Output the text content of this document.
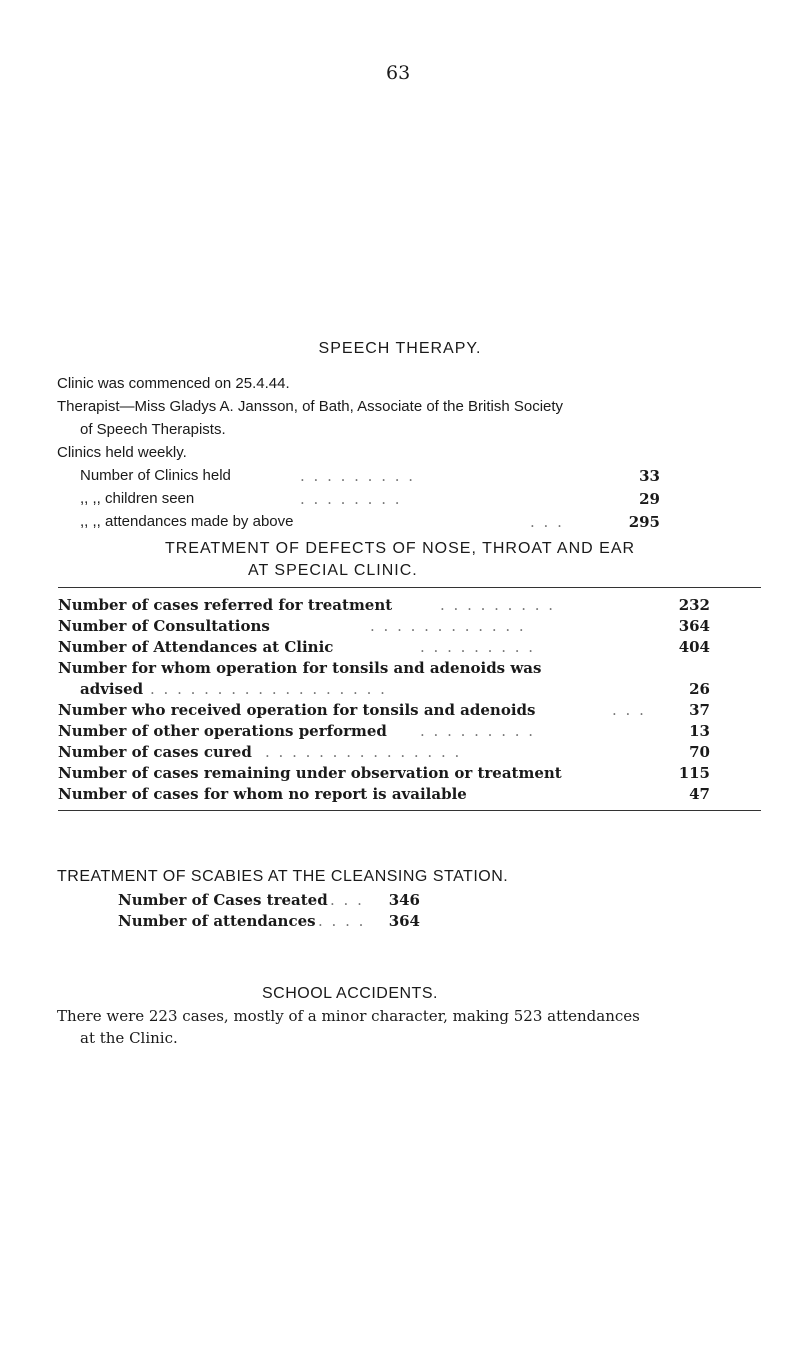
63
SPEECH THERAPY.
Clinic was commenced on 25.4.44.
Therapist—Miss Gladys A. Jansson, of Bath, Associate of the British Society
of Speech Therapists.
Clinics held weekly.
Number of Clinics held	. . . . . . . . .	33
,, ,, children seen	. . . . . . . .	29
,, ,, attendances made by above	. . .	295
TREATMENT OF DEFECTS OF NOSE, THROAT AND EAR
AT SPECIAL CLINIC.
Number of cases referred for treatment	. . . . . . . . .	232
Number of Consultations	. . . . . . . . . . . .	364
Number of Attendances at Clinic	. . . . . . . . .	404
Number for whom operation for tonsils and adenoids was
advised . . . . . . . . . . . . . . . . . .	26
Number who received operation for tonsils and adenoids	. . .	37
Number of other operations performed . . . . . . . . .	13
Number of cases cured . . . . . . . . . . . . . . .	70
Number of cases remaining under observation or treatment	115
Number of cases for whom no report is available	47
TREATMENT OF SCABIES AT THE CLEANSING STATION.
Number of Cases treated . . .	346
Number of attendances . . . .	364
SCHOOL ACCIDENTS.
There were 223 cases, mostly of a minor character, making 523 attendances
at the Clinic.
